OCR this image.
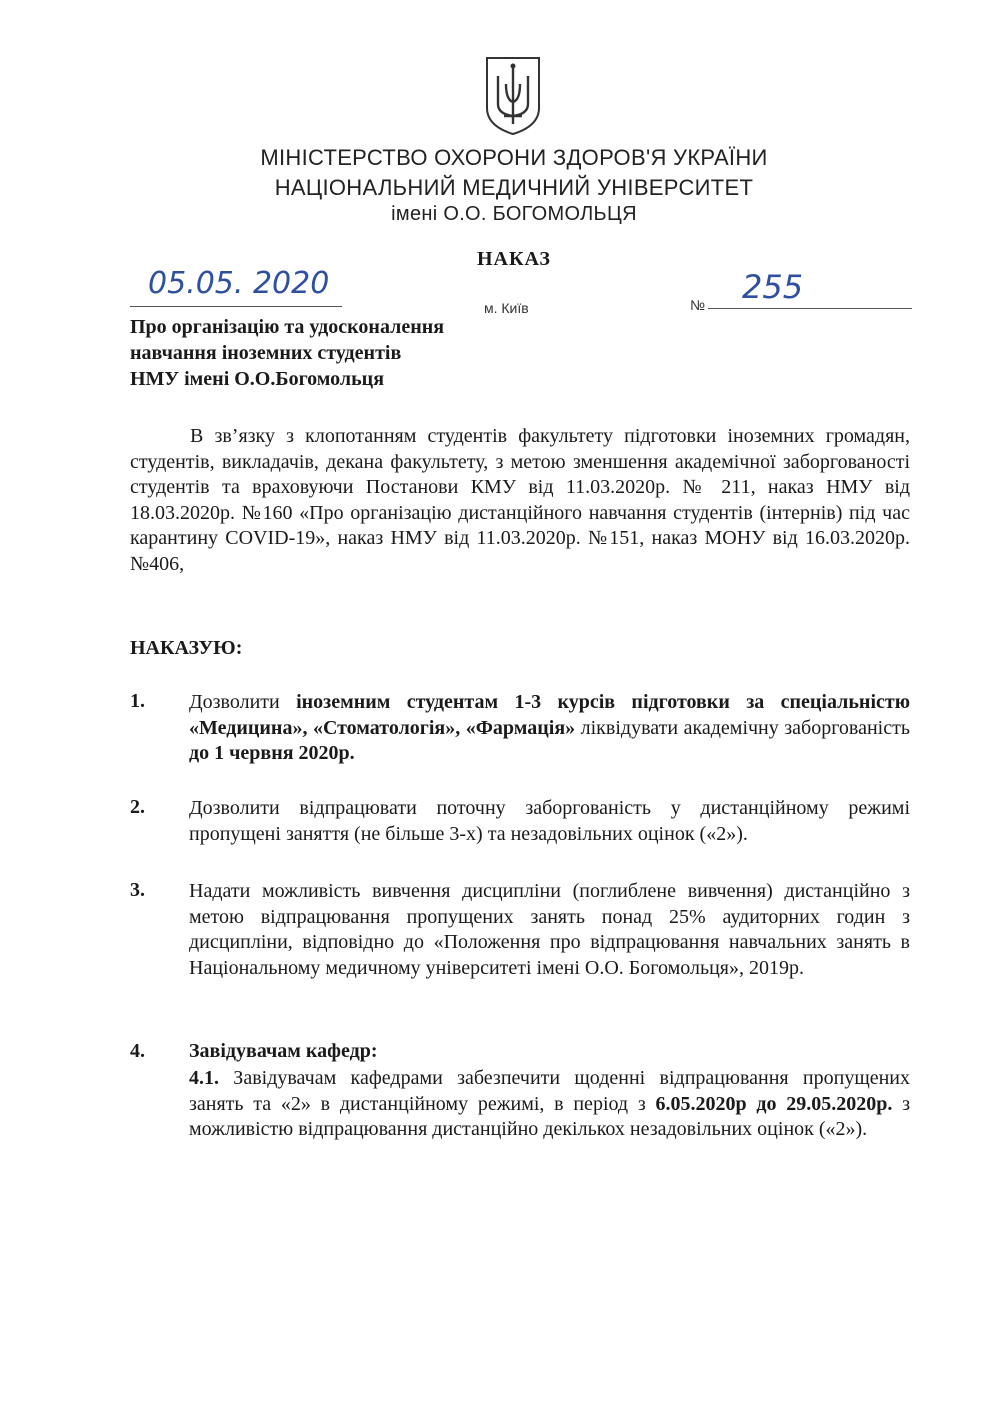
МІНІСТЕРСТВО ОХОРОНИ ЗДОРОВ'Я УКРАЇНИ
НАЦІОНАЛЬНИЙ МЕДИЧНИЙ УНІВЕРСИТЕТ
імені О.О. БОГОМОЛЬЦЯ
НАКАЗ
05.05. 2020
м. Київ	№ 255
Про організацію та удосконалення
навчання іноземних студентів
НМУ імені О.О.Богомольця
В зв’язку з клопотанням студентів факультету підготовки іноземних громадян, студентів, викладачів, декана факультету, з метою зменшення академічної заборгованості студентів та враховуючи Постанови КМУ від 11.03.2020р. № 211, наказ НМУ від 18.03.2020р. №160 «Про організацію дистанційного навчання студентів (інтернів) під час карантину COVID-19», наказ НМУ від 11.03.2020р. №151, наказ МОНУ від 16.03.2020р. №406,
НАКАЗУЮ:
1. Дозволити іноземним студентам 1-3 курсів підготовки за спеціальністю «Медицина», «Стоматологія», «Фармація» ліквідувати академічну заборгованість до 1 червня 2020р.
2. Дозволити відпрацювати поточну заборгованість у дистанційному режимі пропущені заняття (не більше 3-х) та незадовільних оцінок («2»).
3. Надати можливість вивчення дисципліни (поглиблене вивчення) дистанційно з метою відпрацювання пропущених занять понад 25% аудиторних годин з дисципліни, відповідно до «Положення про відпрацювання навчальних занять в Національному медичному університеті імені О.О. Богомольця», 2019р.
4. Завідувачам кафедр:
4.1. Завідувачам кафедрами забезпечити щоденні відпрацювання пропущених занять та «2» в дистанційному режимі, в період з 6.05.2020р до 29.05.2020р. з можливістю відпрацювання дистанційно декількох незадовільних оцінок («2»).
